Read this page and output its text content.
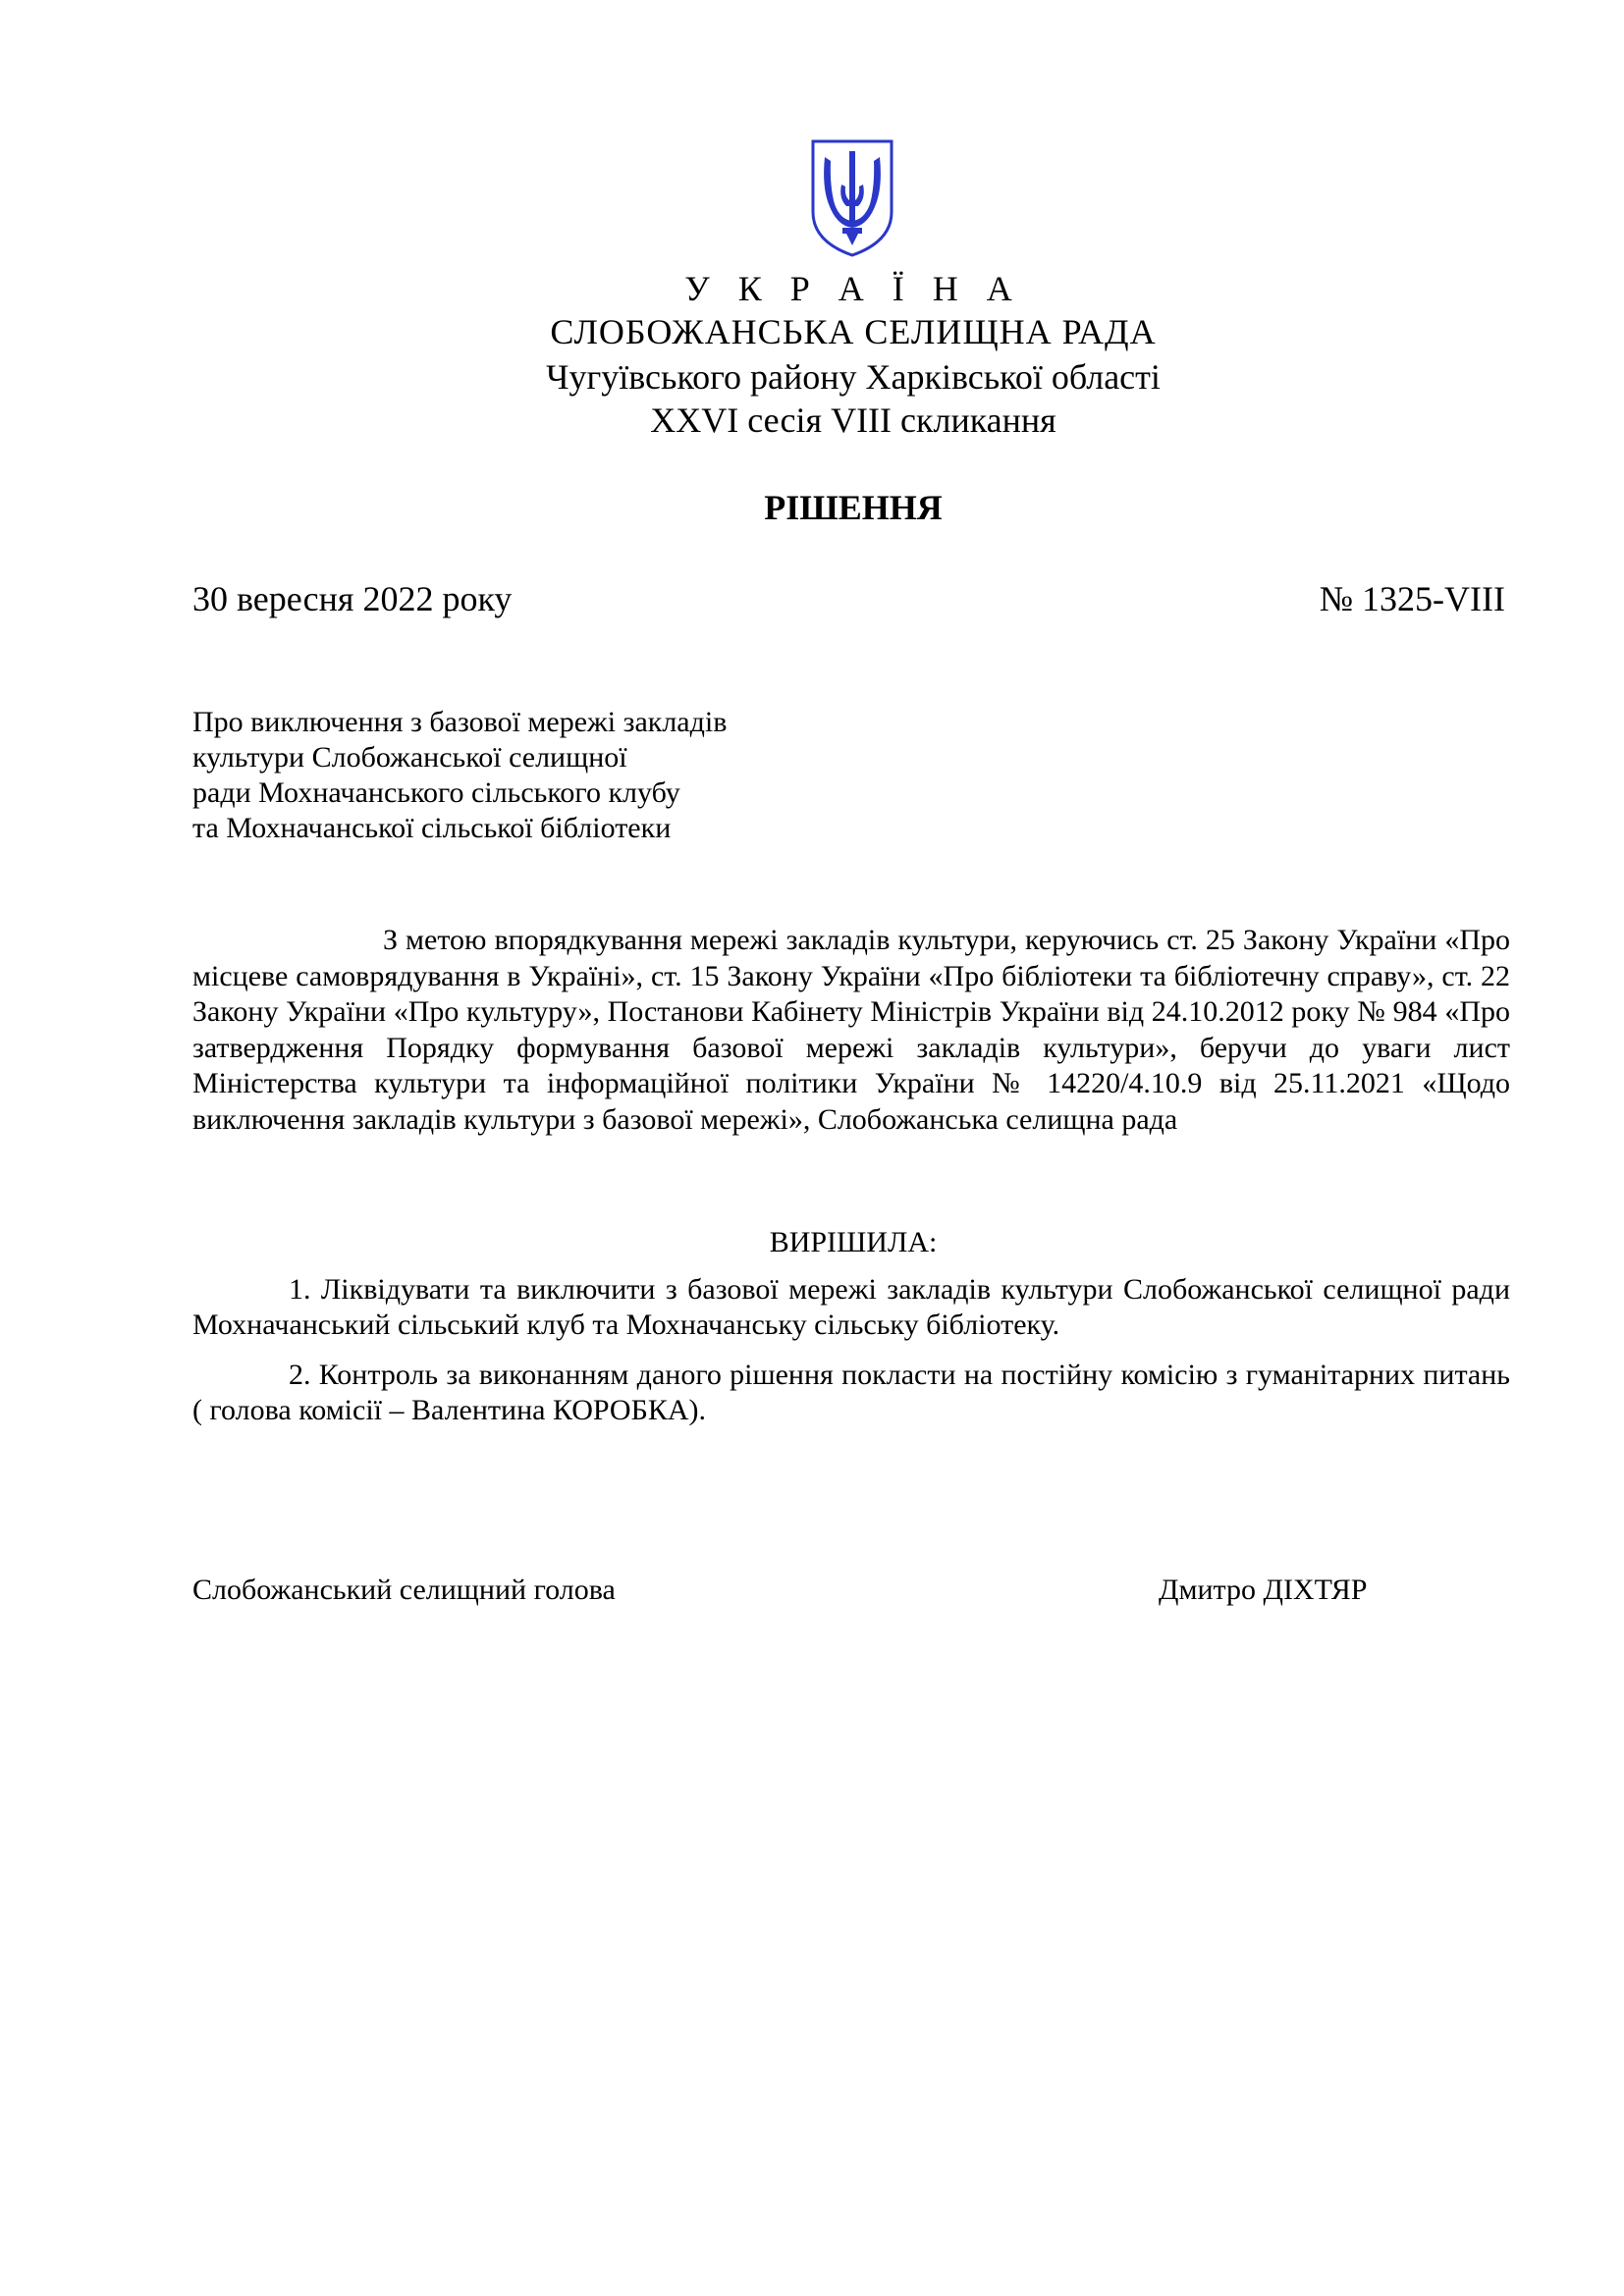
У К Р А Ї Н А
СЛОБОЖАНСЬКА СЕЛИЩНА РАДА
Чугуївського району Харківської області
XXVI сесія VIII скликання
РІШЕННЯ
30 вересня 2022 року	№ 1325-VIII
Про виключення з базової мережі закладів
культури Слобожанської селищної
ради Мохначанського сільського клубу
та Мохначанської сільської бібліотеки
З метою впорядкування мережі закладів культури, керуючись ст. 25 Закону України «Про місцеве самоврядування в Україні», ст. 15 Закону України «Про бібліотеки та бібліотечну справу», ст. 22 Закону України «Про культуру», Постанови Кабінету Міністрів України від 24.10.2012 року № 984 «Про затвердження Порядку формування базової мережі закладів культури», беручи до уваги лист Міністерства культури та інформаційної політики України № 14220/4.10.9 від 25.11.2021 «Щодо виключення закладів культури з базової мережі», Слобожанська селищна рада
ВИРІШИЛА:
1. Ліквідувати та виключити з базової мережі закладів культури Слобожанської селищної ради Мохначанський сільський клуб та Мохначанську сільську бібліотеку.
2. Контроль за виконанням даного рішення покласти на постійну комісію з гуманітарних питань ( голова комісії – Валентина КОРОБКА).
Слобожанський селищний голова	Дмитро ДІХТЯР
